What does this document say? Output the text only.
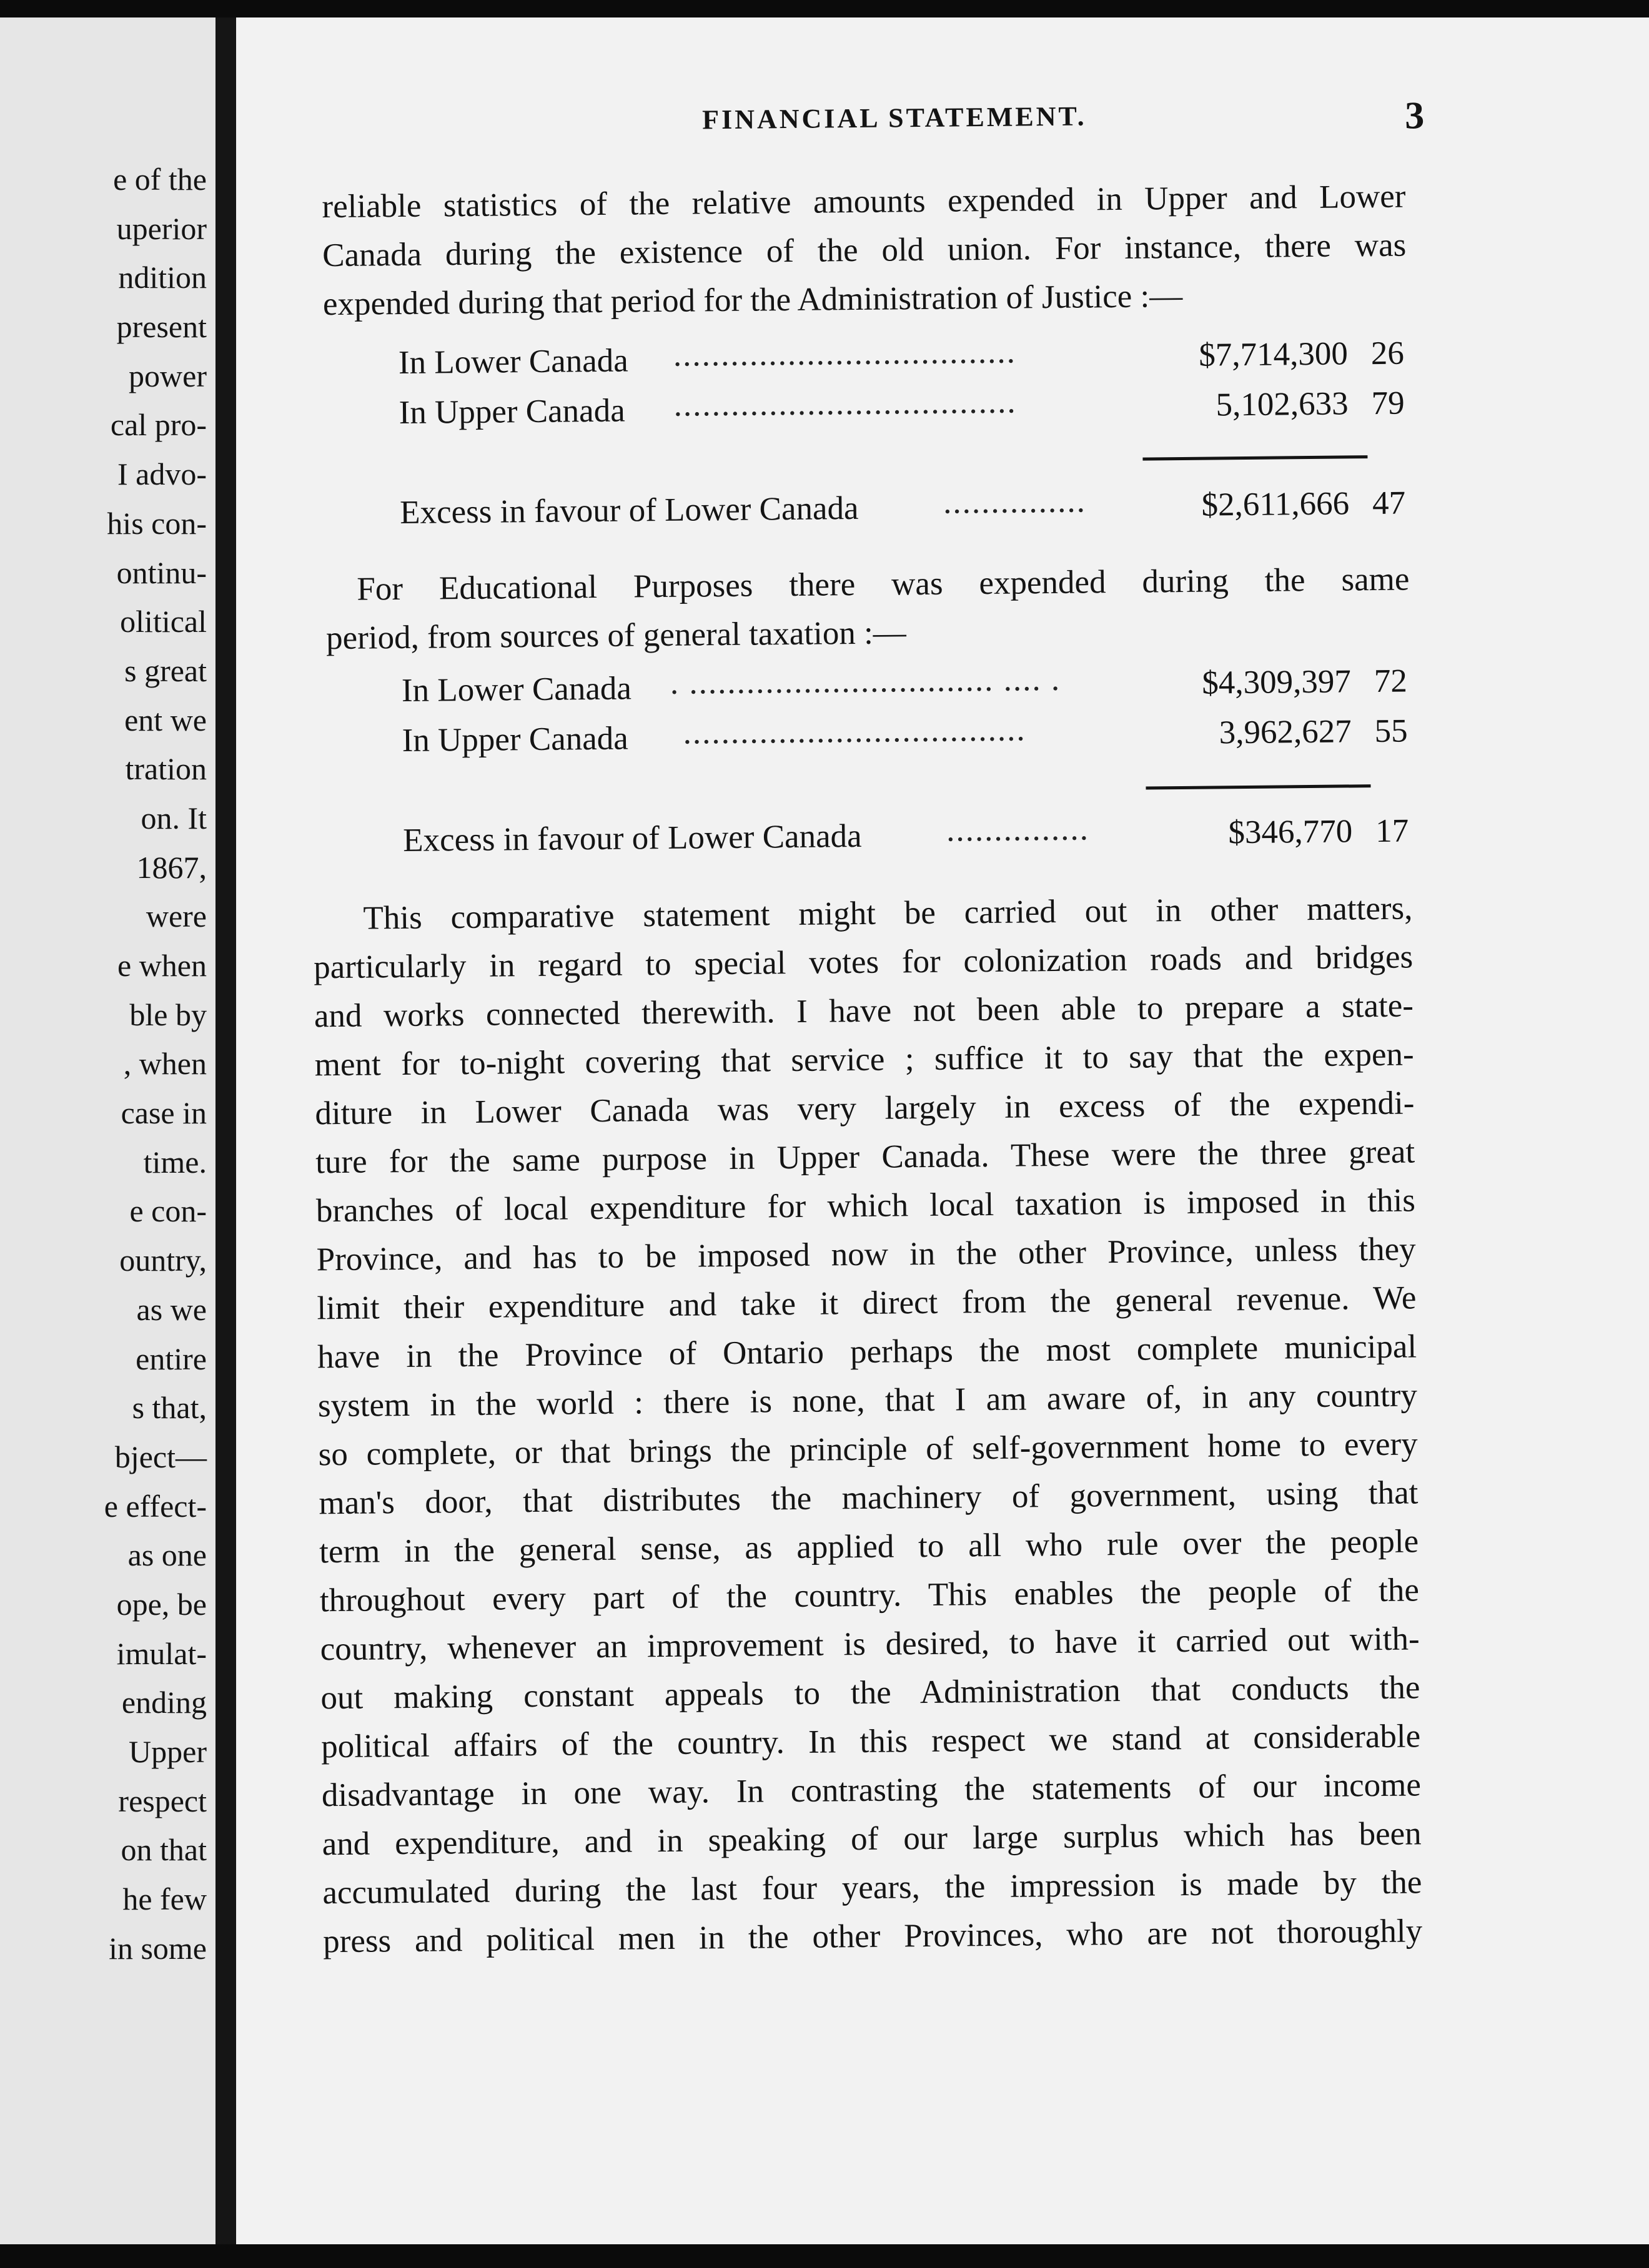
e of the
uperior
ndition
present
power
cal pro-
I advo-
his con-
ontinu-
olitical
s great
ent we
tration
on. It
1867,
were
e when
ble by
, when
case in
time.
e con-
ountry,
as we
entire
s that,
bject—
e effect-
as one
ope, be
imulat-
ending
Upper
respect
on that
he few
in some
FINANCIAL STATEMENT.	3

reliable statistics of the relative amounts expended in Upper and Lower
Canada during the existence of the old union. For instance, there was
expended during that period for the Administration of Justice :—

In Lower Canada ....................................	$7,714,300 26
In Upper Canada ....................................	5,102,633 79
Excess in favour of Lower Canada	...............	$2,611,666 47

For Educational Purposes there was expended during the same
period, from sources of general taxation :—

In Lower Canada . ................................ .... .	$4,309,397 72
In Upper Canada ....................................	3,962,627 55
Excess in favour of Lower Canada	...............	$346,770 17

This comparative statement might be carried out in other matters,
particularly in regard to special votes for colonization roads and bridges
and works connected therewith. I have not been able to prepare a state-
ment for to-night covering that service ; suffice it to say that the expen-
diture in Lower Canada was very largely in excess of the expendi-
ture for the same purpose in Upper Canada. These were the three great
branches of local expenditure for which local taxation is imposed in this
Province, and has to be imposed now in the other Province, unless they
limit their expenditure and take it direct from the general revenue. We
have in the Province of Ontario perhaps the most complete municipal
system in the world : there is none, that I am aware of, in any country
so complete, or that brings the principle of self-government home to every
man's door, that distributes the machinery of government, using that
term in the general sense, as applied to all who rule over the people
throughout every part of the country. This enables the people of the
country, whenever an improvement is desired, to have it carried out with-
out making constant appeals to the Administration that conducts the
political affairs of the country. In this respect we stand at considerable
disadvantage in one way. In contrasting the statements of our income
and expenditure, and in speaking of our large surplus which has been
accumulated during the last four years, the impression is made by the
press and political men in the other Provinces, who are not thoroughly
